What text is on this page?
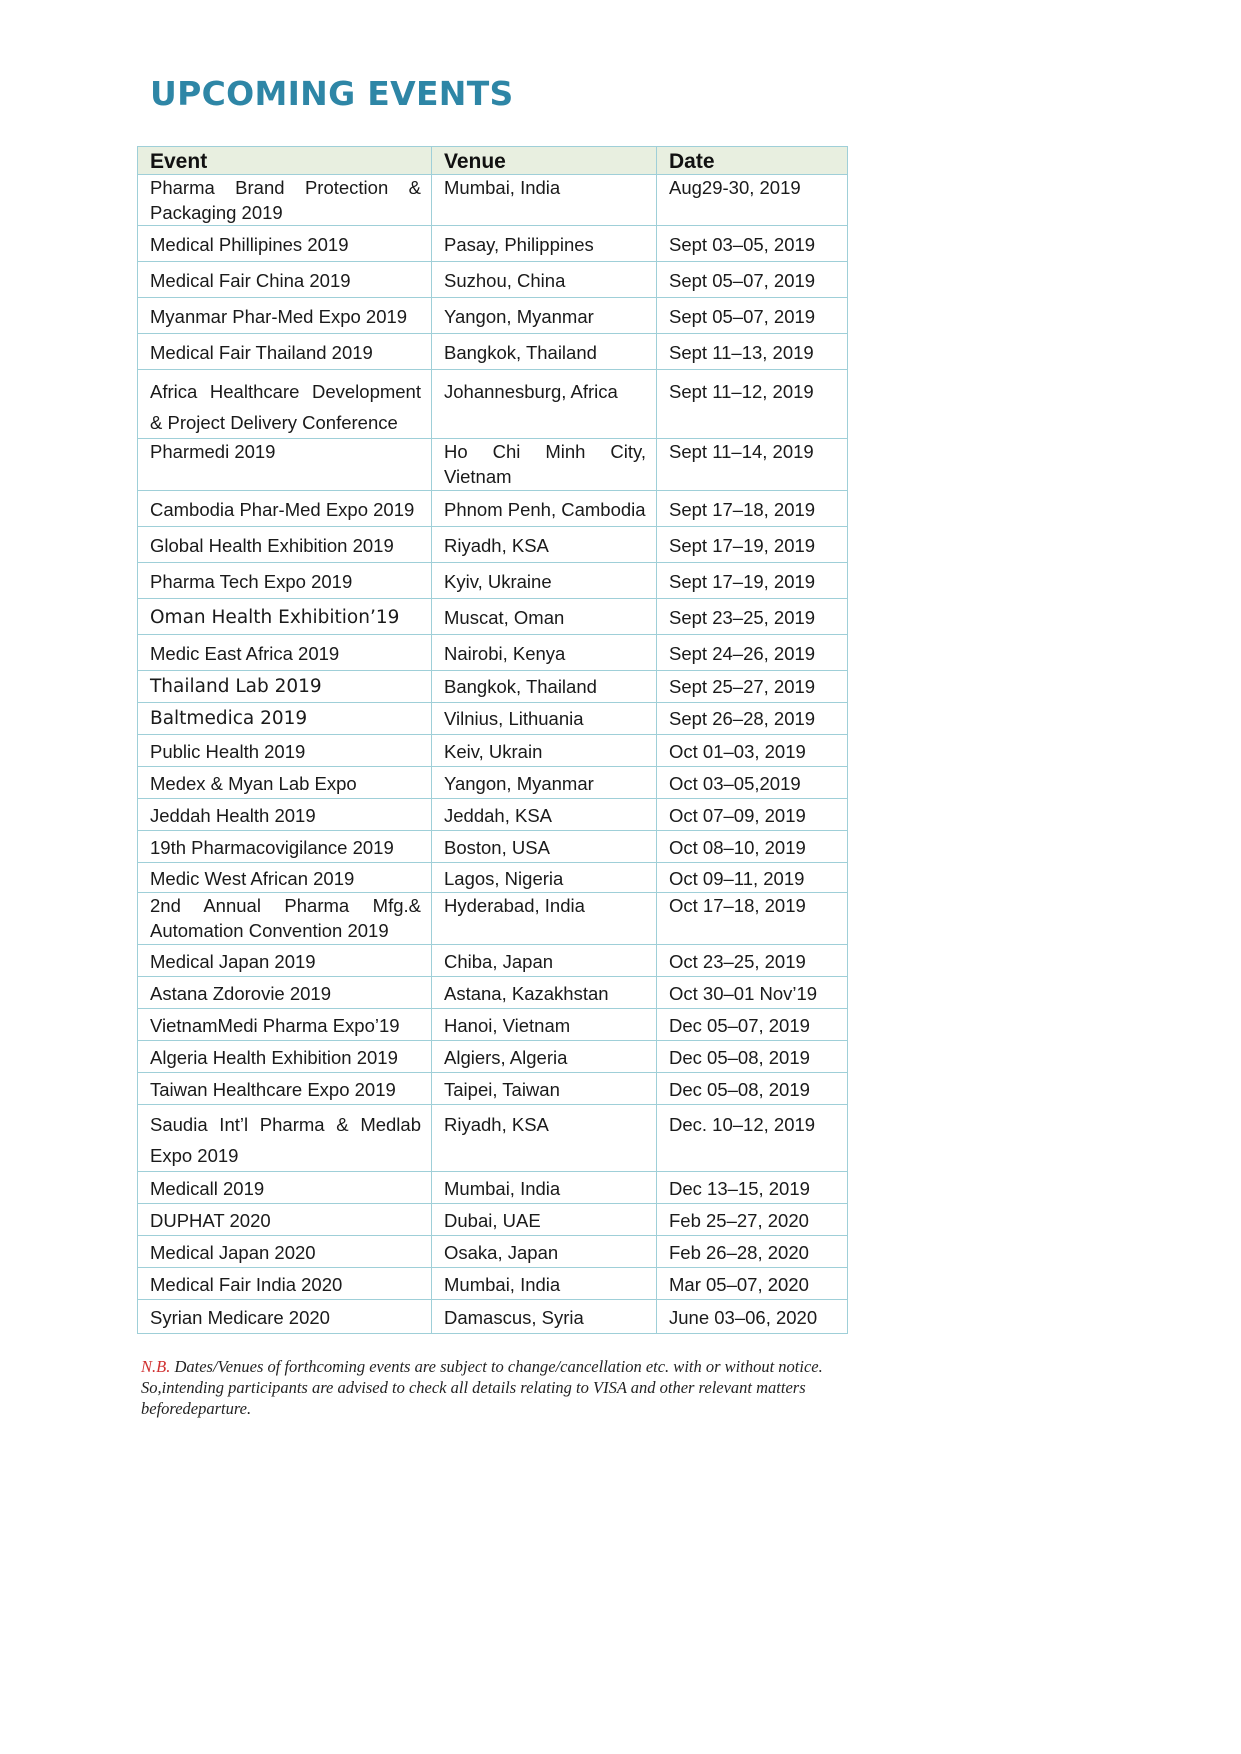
UPCOMING EVENTS
Event	Venue	Date
Pharma Brand Protection & Packaging 2019	Mumbai, India	Aug29-30, 2019
Medical Phillipines 2019	Pasay, Philippines	Sept 03–05, 2019
Medical Fair China 2019	Suzhou, China	Sept 05–07, 2019
Myanmar Phar-Med Expo 2019	Yangon, Myanmar	Sept 05–07, 2019
Medical Fair Thailand 2019	Bangkok, Thailand	Sept 11–13, 2019
Africa Healthcare Development & Project Delivery Conference	Johannesburg, Africa	Sept 11–12, 2019
Pharmedi 2019	Ho Chi Minh City, Vietnam	Sept 11–14, 2019
Cambodia Phar-Med Expo 2019	Phnom Penh, Cambodia	Sept 17–18, 2019
Global Health Exhibition 2019	Riyadh, KSA	Sept 17–19, 2019
Pharma Tech Expo 2019	Kyiv, Ukraine	Sept 17–19, 2019
Oman Health Exhibition’19	Muscat, Oman	Sept 23–25, 2019
Medic East Africa 2019	Nairobi, Kenya	Sept 24–26, 2019
Thailand Lab 2019	Bangkok, Thailand	Sept 25–27, 2019
Baltmedica 2019	Vilnius, Lithuania	Sept 26–28, 2019
Public Health 2019	Keiv, Ukrain	Oct 01–03, 2019
Medex & Myan Lab Expo	Yangon, Myanmar	Oct 03–05,2019
Jeddah Health 2019	Jeddah, KSA	Oct 07–09, 2019
19th Pharmacovigilance 2019	Boston, USA	Oct 08–10, 2019
Medic West African 2019	Lagos, Nigeria	Oct 09–11, 2019
2nd Annual Pharma Mfg.& Automation Convention 2019	Hyderabad, India	Oct 17–18, 2019
Medical Japan 2019	Chiba, Japan	Oct 23–25, 2019
Astana Zdorovie 2019	Astana, Kazakhstan	Oct 30–01 Nov’19
VietnamMedi Pharma Expo’19	Hanoi, Vietnam	Dec 05–07, 2019
Algeria Health Exhibition 2019	Algiers, Algeria	Dec 05–08, 2019
Taiwan Healthcare Expo 2019	Taipei, Taiwan	Dec 05–08, 2019
Saudia Int’l Pharma & Medlab Expo 2019	Riyadh, KSA	Dec. 10–12, 2019
Medicall 2019	Mumbai, India	Dec 13–15, 2019
DUPHAT 2020	Dubai, UAE	Feb 25–27, 2020
Medical Japan 2020	Osaka, Japan	Feb 26–28, 2020
Medical Fair India 2020	Mumbai, India	Mar 05–07, 2020
Syrian Medicare 2020	Damascus, Syria	June 03–06, 2020

N.B. Dates/Venues of forthcoming events are subject to change/cancellation etc. with or without notice. So,intending participants are advised to check all details relating to VISA and other relevant matters beforedeparture.
